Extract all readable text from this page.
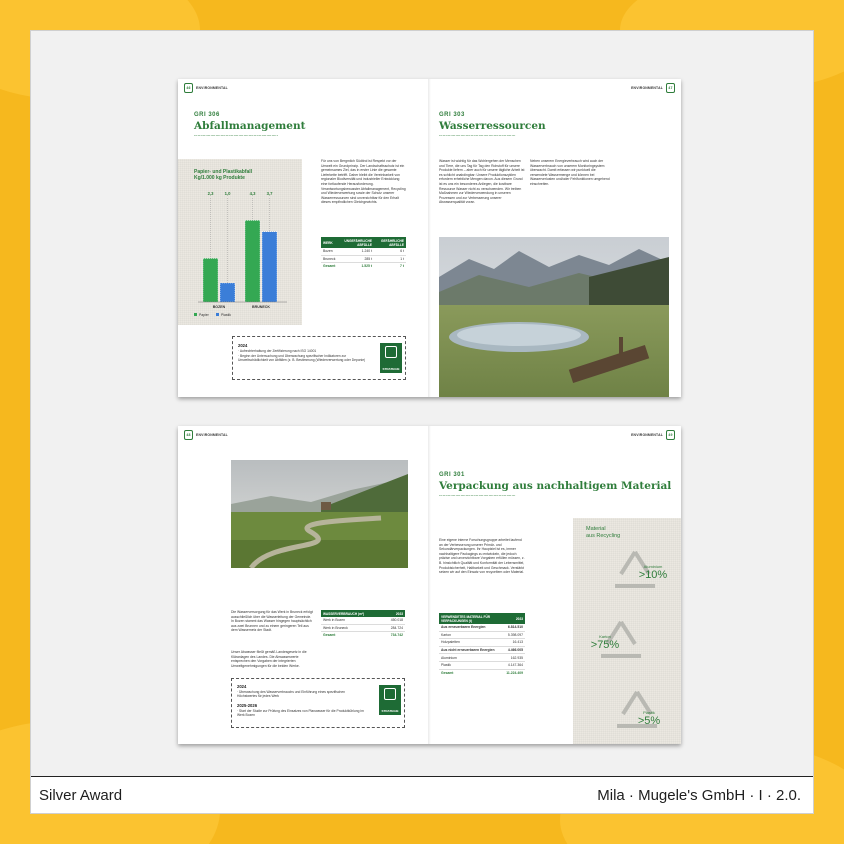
46	ENVIRONMENTAL
GRI 306
Abfallmanagement
^^^^^^^^^^^^^^^^^^^^^^^^^^^^^^^^^
Papier- und Plastikabfall
Kg/1.000 kg Produkte
2,3	1,0
BOZEN
4,3	3,7
BRUNECK
Papier	Plastik
Für uns von Bergmilch Südtirol ist Respekt vor der Umwelt ein Grundprinzip. Der Landschaftsschutz ist ein gemeinsames Ziel, das in erster Linie die gesamte Lieferkette betrifft. Daher bleibt die Vereinbarkeit von regionaler Biodiversität und industrieller Entwicklung eine fortlaufende Herausforderung. Verantwortungsbewusster Abfallmanagement, Recycling und Wiederverwertung sowie der Schutz unserer Wasserressourcen sind unverzichtbar für den Erhalt dieses empfindlichen Gleichgewichts.
WERK	UNGEFÄHRLICHE ABFÄLLE	GEFÄHRLICHE ABFÄLLE
Bozen	1.240 t	6 t
Bruneck	285 t	1 t
Gesamt	1.525 t	7 t
2024
· Aufrechterhaltung der Zertifizierung nach ISO 14001
· Beginn der Untersuchung und Überwachung spezifischer Indikatoren zur Umweltschädlichkeit von Abfällen (z. B. Bestimmung (Wiederverwertung oder Deponie)
STRATEGIE
ENVIRONMENTAL	47
GRI 303
Wasserressourcen
^^^^^^^^^^^^^^^^^^^^^^^^^^^^^^
Wasser ist wichtig für das Wohlergehen der Menschen und Tiere, die uns Tag für Tag den Rohstoff für unsere Produkte liefern – aber auch für unsere tägliche Arbeit ist es schlicht unabdingbar: Unsere Produktionszyklen erfordern erhebliche Mengen davon. Aus diesem Grund ist es uns ein besonderes Anliegen, die kostbare Ressource Wasser nicht zu verschwenden. Wir treiben Maßnahmen zur Wiederverwendung in unseren Prozessen und zur Verbesserung unserer Abwasserqualität voran.
Neben unserem Energieverbrauch wird auch der Wasserverbrauch von unserem Monitoringsystem überwacht. Damit erfassen wir punktuell die verwendete Wassermenge und können bei Wasserverlusten und/oder Fehlfunktionen umgehend einschreiten.
48	ENVIRONMENTAL
Die Wasserversorgung für das Werk in Bruneck erfolgt ausschließlich über die Wasserleitung der Gemeinde. In Bozen stammt das Wasser hingegen hauptsächlich aus zwei Brunnen und zu einem geringeren Teil aus dem Wassernetz der Stadt.
Unser Abwasser fließt gemäß Landesgesetz in die Kläranlagen des Landes. Die Abwasserwerte entsprechen den Vorgaben der integrierten Umweltgenehmigungen für die beiden Werke.
WASSERVERBRAUCH (m³)	2023
Werk in Bozen	450.018
Werk in Bruneck	284.724
Gesamt	734.742
2024
· Überwachung des Wasserverbrauchs und Einführung eines spezifischen Höchstwertes für jedes Werk
2025-2026
· Start der Studie zur Prüfung des Einsatzes von Planwasser für die Produktkühlung im Werk Bozen
STRATEGIE
ENVIRONMENTAL	49
GRI 301
Verpackung aus nachhaltigem Material
^^^^^^^^^^^^^^^^^^^^^^^^^^^^^^
Eine eigene interne Forschungsgruppe arbeitet laufend an der Verbesserung unserer Primär- und Sekundärverpackungen. Ihr Hauptziel ist es, immer nachhaltigere Packagings zu entwickeln, die jedoch präzise und unverzichtbare Vorgaben erfüllen müssen, z. B. hinsichtlich Qualität und Konformität der Lebensmittel, Produktsicherheit, Haltbarkeit und Geschmack. Verstärkt setzen wir auf den Einsatz von recyceltem oder Material.
VERWENDETES MATERIAL FÜR VERPACKUNGEN (t)	2023
Aus erneuerbaren Energien	6.814.510
Karton	5.398.097
Holzpaletten	16.413
Aus nicht erneuerbaren Energien	4.466.005
Aluminium	162.935
Plastik	4.147.364
Gesamt	11.224.409
Material
aus Recycling
Aluminium
>10%
Karton
>75%
Plastik
>5%
Silver Award	Mila · Mugele's GmbH · I · 2.0.
